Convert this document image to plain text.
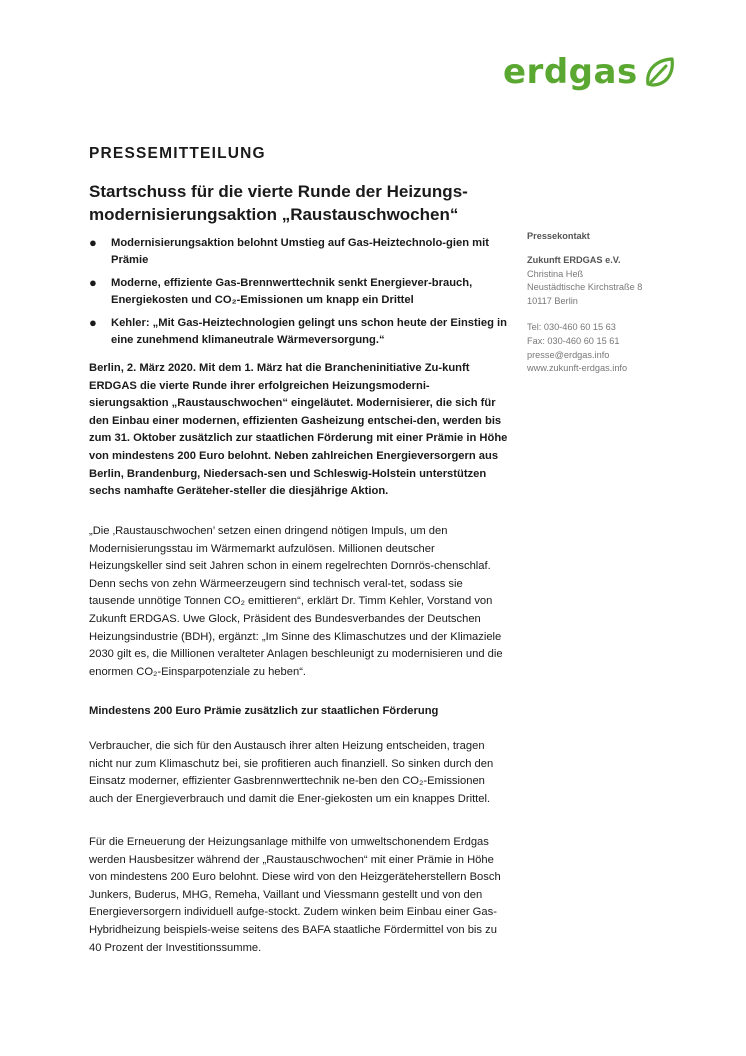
erdgas
PRESSEMITTEILUNG
Startschuss für die vierte Runde der Heizungs-modernisierungsaktion „Raustauschwochen“
● Modernisierungsaktion belohnt Umstieg auf Gas-Heiztechnolo-gien mit Prämie
● Moderne, effiziente Gas-Brennwerttechnik senkt Energiever-brauch, Energiekosten und CO₂-Emissionen um knapp ein Drittel
● Kehler: „Mit Gas-Heiztechnologien gelingt uns schon heute der Einstieg in eine zunehmend klimaneutrale Wärmeversorgung.“

Berlin, 2. März 2020. Mit dem 1. März hat die Brancheninitiative Zu-kunft ERDGAS die vierte Runde ihrer erfolgreichen Heizungsmoderni-sierungsaktion „Raustauschwochen“ eingeläutet. Modernisierer, die sich für den Einbau einer modernen, effizienten Gasheizung entschei-den, werden bis zum 31. Oktober zusätzlich zur staatlichen Förderung mit einer Prämie in Höhe von mindestens 200 Euro belohnt. Neben zahlreichen Energieversorgern aus Berlin, Brandenburg, Niedersach-sen und Schleswig-Holstein unterstützen sechs namhafte Geräteher-steller die diesjährige Aktion.

„Die ‚Raustauschwochen’ setzen einen dringend nötigen Impuls, um den Modernisierungsstau im Wärmemarkt aufzulösen. Millionen deutscher Heizungskeller sind seit Jahren schon in einem regelrechten Dornrös-chenschlaf. Denn sechs von zehn Wärmeerzeugern sind technisch veral-tet, sodass sie tausende unnötige Tonnen CO₂ emittieren“, erklärt Dr. Timm Kehler, Vorstand von Zukunft ERDGAS. Uwe Glock, Präsident des Bundesverbandes der Deutschen Heizungsindustrie (BDH), ergänzt: „Im Sinne des Klimaschutzes und der Klimaziele 2030 gilt es, die Millionen veralteter Anlagen beschleunigt zu modernisieren und die enormen CO₂-Einsparpotenziale zu heben“.

Mindestens 200 Euro Prämie zusätzlich zur staatlichen Förderung

Verbraucher, die sich für den Austausch ihrer alten Heizung entscheiden, tragen nicht nur zum Klimaschutz bei, sie profitieren auch finanziell. So sinken durch den Einsatz moderner, effizienter Gasbrennwerttechnik ne-ben den CO₂-Emissionen auch der Energieverbrauch und damit die Ener-giekosten um ein knappes Drittel.

Für die Erneuerung der Heizungsanlage mithilfe von umweltschonendem Erdgas werden Hausbesitzer während der „Raustauschwochen“ mit einer Prämie in Höhe von mindestens 200 Euro belohnt. Diese wird von den Heizgeräteherstellern Bosch Junkers, Buderus, MHG, Remeha, Vaillant und Viessmann gestellt und von den Energieversorgern individuell aufge-stockt. Zudem winken beim Einbau einer Gas-Hybridheizung beispiels-weise seitens des BAFA staatliche Fördermittel von bis zu 40 Prozent der Investitionssumme.

Pressekontakt
Zukunft ERDGAS e.V.
Christina Heß
Neustädtische Kirchstraße 8
10117 Berlin
Tel: 030-460 60 15 63
Fax: 030-460 60 15 61
presse@erdgas.info
www.zukunft-erdgas.info
